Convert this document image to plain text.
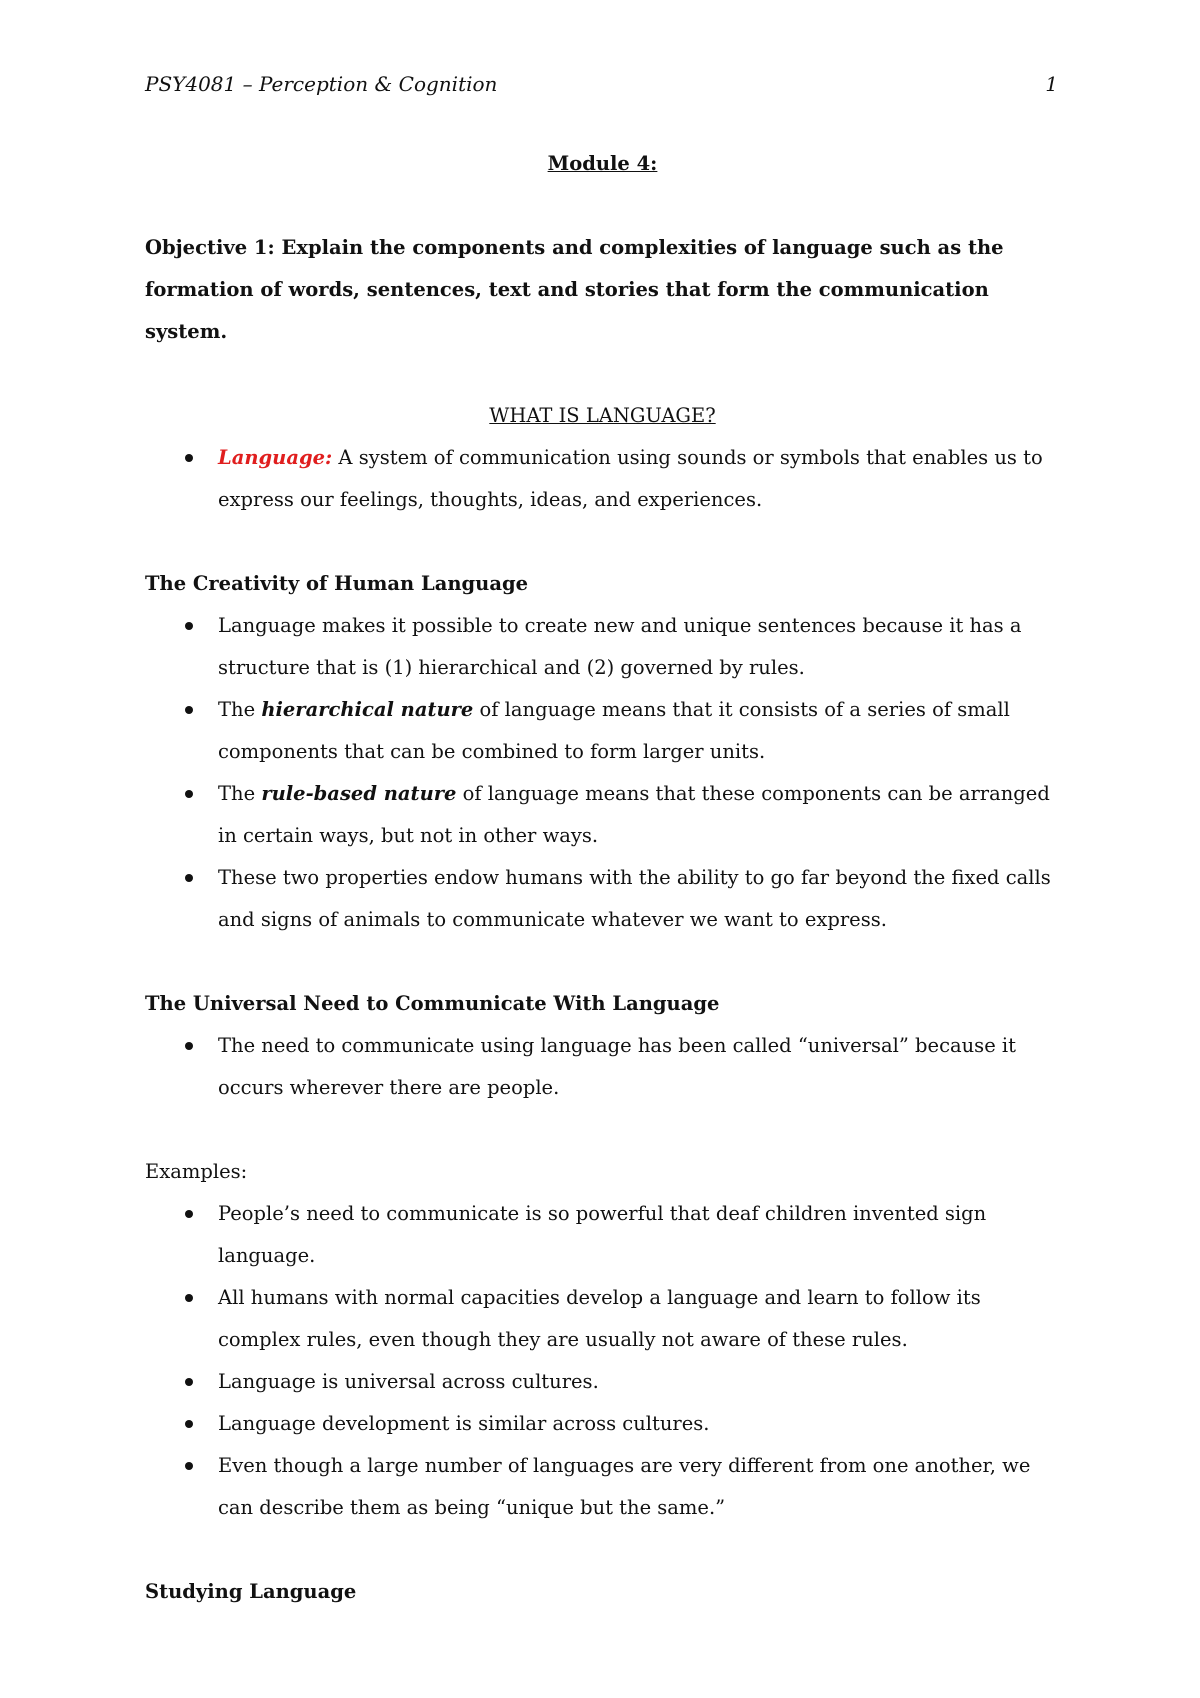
PSY4081 – Perception & Cognition	1
Module 4:
Objective 1: Explain the components and complexities of language such as the formation of words, sentences, text and stories that form the communication system.
WHAT IS LANGUAGE?
Language: A system of communication using sounds or symbols that enables us to express our feelings, thoughts, ideas, and experiences.
The Creativity of Human Language
Language makes it possible to create new and unique sentences because it has a structure that is (1) hierarchical and (2) governed by rules.
The hierarchical nature of language means that it consists of a series of small components that can be combined to form larger units.
The rule-based nature of language means that these components can be arranged in certain ways, but not in other ways.
These two properties endow humans with the ability to go far beyond the fixed calls and signs of animals to communicate whatever we want to express.
The Universal Need to Communicate With Language
The need to communicate using language has been called “universal” because it occurs wherever there are people.
Examples:
People’s need to communicate is so powerful that deaf children invented sign language.
All humans with normal capacities develop a language and learn to follow its complex rules, even though they are usually not aware of these rules.
Language is universal across cultures.
Language development is similar across cultures.
Even though a large number of languages are very different from one another, we can describe them as being “unique but the same.”
Studying Language
